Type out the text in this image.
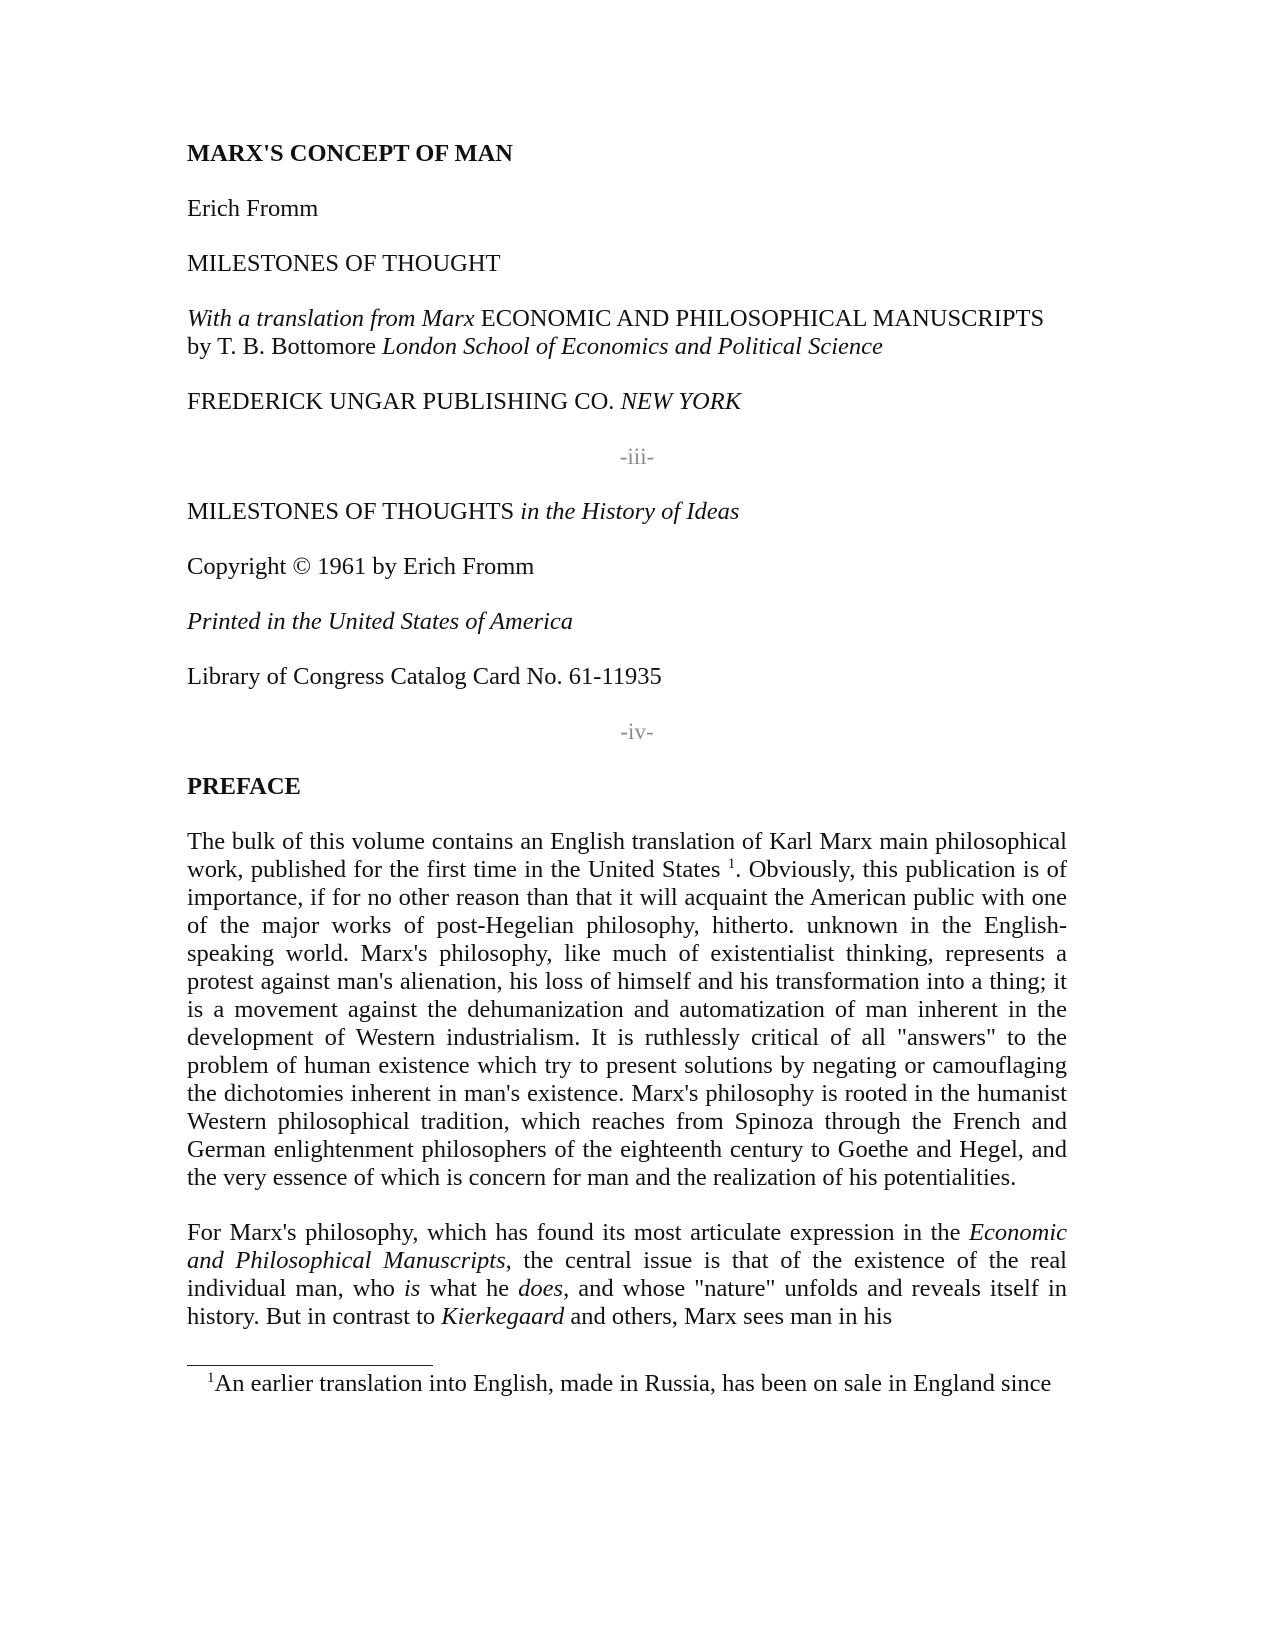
MARX'S CONCEPT OF MAN

Erich Fromm

MILESTONES OF THOUGHT

With a translation from Marx ECONOMIC AND PHILOSOPHICAL MANUSCRIPTS
by T. B. Bottomore London School of Economics and Political Science

FREDERICK UNGAR PUBLISHING CO. NEW YORK

-iii-

MILESTONES OF THOUGHTS in the History of Ideas

Copyright © 1961 by Erich Fromm

Printed in the United States of America

Library of Congress Catalog Card No. 61-11935

-iv-

PREFACE

The bulk of this volume contains an English translation of Karl Marx main philosophical work, published for the first time in the United States $^1$. Obviously, this publication is of importance, if for no other reason than that it will acquaint the American public with one of the major works of post-Hegelian philosophy, hitherto. unknown in the English-speaking world. Marx's philosophy, like much of existentialist thinking, represents a protest against man's alienation, his loss of himself and his transformation into a thing; it is a movement against the dehumanization and automatization of man inherent in the development of Western industrialism. It is ruthlessly critical of all "answers" to the problem of human existence which try to present solutions by negating or camouflaging the dichotomies inherent in man's existence. Marx's philosophy is rooted in the humanist Western philosophical tradition, which reaches from Spinoza through the French and German enlightenment philosophers of the eighteenth century to Goethe and Hegel, and the very essence of which is concern for man and the realization of his potentialities.

For Marx's philosophy, which has found its most articulate expression in the Economic and Philosophical Manuscripts, the central issue is that of the existence of the real individual man, who is what he does, and whose "nature" unfolds and reveals itself in history. But in contrast to Kierkegaard and others, Marx sees man in his

$^1$An earlier translation into English, made in Russia, has been on sale in England since
